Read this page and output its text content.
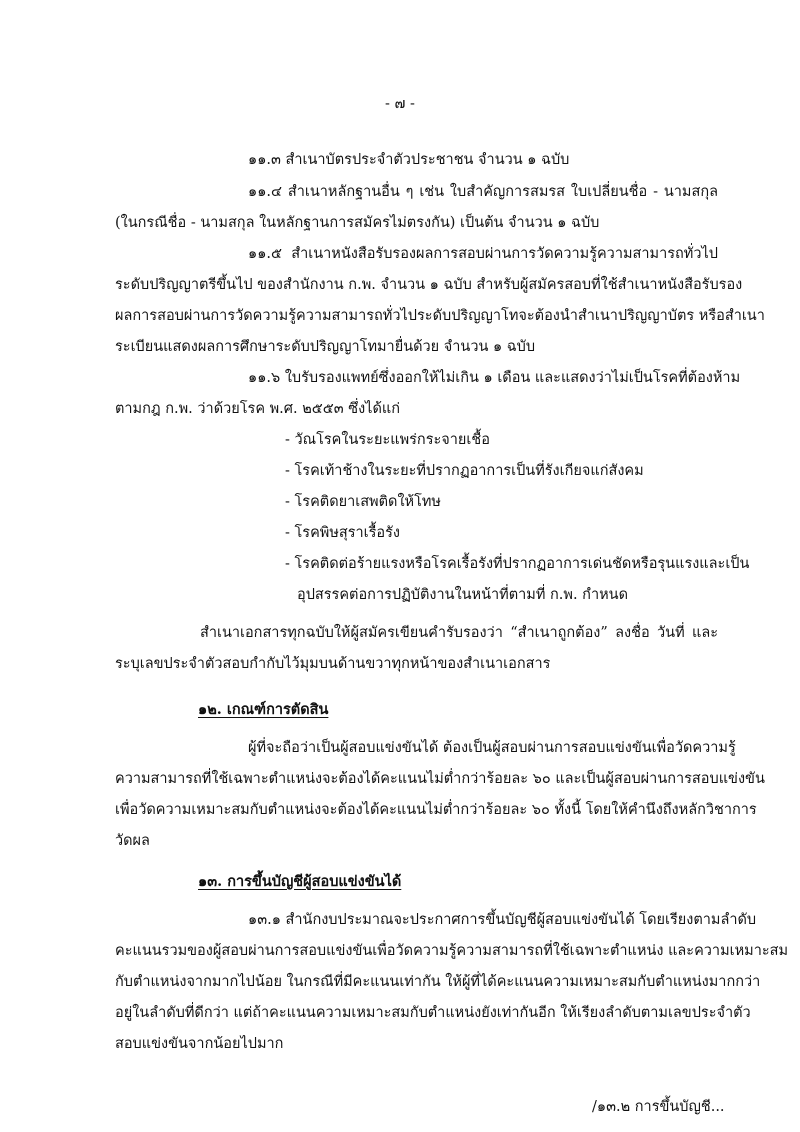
- ๗ -
๑๑.๓ สำเนาบัตรประจำตัวประชาชน จำนวน ๑ ฉบับ
๑๑.๔ สำเนาหลักฐานอื่น ๆ เช่น ใบสำคัญการสมรส ใบเปลี่ยนชื่อ - นามสกุล
(ในกรณีชื่อ - นามสกุล ในหลักฐานการสมัครไม่ตรงกัน) เป็นต้น จำนวน ๑ ฉบับ
๑๑.๕ สำเนาหนังสือรับรองผลการสอบผ่านการวัดความรู้ความสามารถทั่วไป
ระดับปริญญาตรีขึ้นไป ของสำนักงาน ก.พ. จำนวน ๑ ฉบับ สำหรับผู้สมัครสอบที่ใช้สำเนาหนังสือรับรอง
ผลการสอบผ่านการวัดความรู้ความสามารถทั่วไประดับปริญญาโทจะต้องนำสำเนาปริญญาบัตร หรือสำเนา
ระเบียนแสดงผลการศึกษาระดับปริญญาโทมายื่นด้วย จำนวน ๑ ฉบับ
๑๑.๖ ใบรับรองแพทย์ซึ่งออกให้ไม่เกิน ๑ เดือน และแสดงว่าไม่เป็นโรคที่ต้องห้าม
ตามกฎ ก.พ. ว่าด้วยโรค พ.ศ. ๒๕๕๓ ซึ่งได้แก่
- วัณโรคในระยะแพร่กระจายเชื้อ
- โรคเท้าช้างในระยะที่ปรากฏอาการเป็นที่รังเกียจแก่สังคม
- โรคติดยาเสพติดให้โทษ
- โรคพิษสุราเรื้อรัง
- โรคติดต่อร้ายแรงหรือโรคเรื้อรังที่ปรากฏอาการเด่นชัดหรือรุนแรงและเป็น
อุปสรรคต่อการปฏิบัติงานในหน้าที่ตามที่ ก.พ. กำหนด
สำเนาเอกสารทุกฉบับให้ผู้สมัครเขียนคำรับรองว่า “สำเนาถูกต้อง” ลงชื่อ วันที่ และ
ระบุเลขประจำตัวสอบกำกับไว้มุมบนด้านขวาทุกหน้าของสำเนาเอกสาร
๑๒. เกณฑ์การตัดสิน
ผู้ที่จะถือว่าเป็นผู้สอบแข่งขันได้ ต้องเป็นผู้สอบผ่านการสอบแข่งขันเพื่อวัดความรู้
ความสามารถที่ใช้เฉพาะตำแหน่งจะต้องได้คะแนนไม่ต่ำกว่าร้อยละ ๖๐ และเป็นผู้สอบผ่านการสอบแข่งขัน
เพื่อวัดความเหมาะสมกับตำแหน่งจะต้องได้คะแนนไม่ต่ำกว่าร้อยละ ๖๐ ทั้งนี้ โดยให้คำนึงถึงหลักวิชาการ
วัดผล
๑๓. การขึ้นบัญชีผู้สอบแข่งขันได้
๑๓.๑ สำนักงบประมาณจะประกาศการขึ้นบัญชีผู้สอบแข่งขันได้ โดยเรียงตามลำดับ
คะแนนรวมของผู้สอบผ่านการสอบแข่งขันเพื่อวัดความรู้ความสามารถที่ใช้เฉพาะตำแหน่ง และความเหมาะสม
กับตำแหน่งจากมากไปน้อย ในกรณีที่มีคะแนนเท่ากัน ให้ผู้ที่ได้คะแนนความเหมาะสมกับตำแหน่งมากกว่า
อยู่ในลำดับที่ดีกว่า แต่ถ้าคะแนนความเหมาะสมกับตำแหน่งยังเท่ากันอีก ให้เรียงลำดับตามเลขประจำตัว
สอบแข่งขันจากน้อยไปมาก
/๑๓.๒ การขึ้นบัญชี...
